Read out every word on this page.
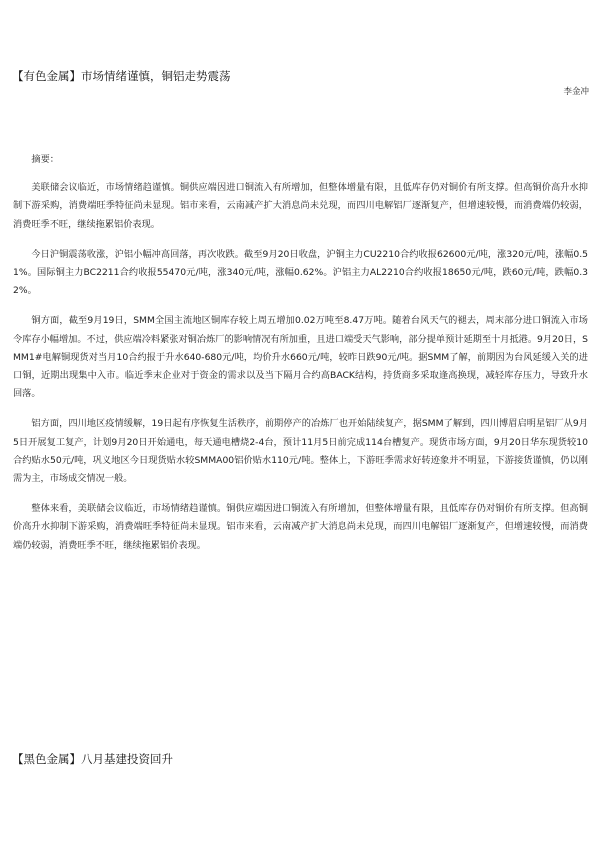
【有色金属】市场情绪谨慎，铜铝走势震荡
李金冲

摘要：

美联储会议临近，市场情绪趋谨慎。铜供应端因进口铜流入有所增加，但整体增量有限，且低库存仍对铜价有所支撑。但高铜价高升水抑制下游采购，消费端旺季特征尚未显现。铝市来看，云南减产扩大消息尚未兑现，而四川电解铝厂逐渐复产，但增速较慢，而消费端仍较弱，消费旺季不旺，继续拖累铝价表现。

今日沪铜震荡收涨，沪铝小幅冲高回落，再次收跌。截至9月20日收盘，沪铜主力CU2210合约收报62600元/吨，涨320元/吨，涨幅0.51%。国际铜主力BC2211合约收报55470元/吨，涨340元/吨，涨幅0.62%。沪铝主力AL2210合约收报18650元/吨，跌60元/吨，跌幅0.32%。

铜方面，截至9月19日，SMM全国主流地区铜库存较上周五增加0.02万吨至8.47万吨。随着台风天气的褪去，周末部分进口铜流入市场令库存小幅增加。不过，供应端冷料紧张对铜冶炼厂的影响情况有所加重，且进口端受天气影响，部分提单预计延期至十月抵港。9月20日，SMM1#电解铜现货对当月10合约报于升水640-680元/吨，均价升水660元/吨，较昨日跌90元/吨。据SMM了解，前期因为台风延缓入关的进口铜，近期出现集中入市。临近季末企业对于资金的需求以及当下隔月合约高BACK结构，持货商多采取逢高换现，减轻库存压力，导致升水回落。

铝方面，四川地区疫情缓解，19日起有序恢复生活秩序，前期停产的冶炼厂也开始陆续复产，据SMM了解到，四川博眉启明星铝厂从9月5日开展复工复产，计划9月20日开始通电，每天通电槽烧2-4台，预计11月5日前完成114台槽复产。现货市场方面，9月20日华东现货较10合约贴水50元/吨，巩义地区今日现货贴水较SMMA00铝价贴水110元/吨。整体上，下游旺季需求好转迹象并不明显，下游接货谨慎，仍以刚需为主，市场成交情况一般。

整体来看，美联储会议临近，市场情绪趋谨慎。铜供应端因进口铜流入有所增加，但整体增量有限，且低库存仍对铜价有所支撑。但高铜价高升水抑制下游采购，消费端旺季特征尚未显现。铝市来看，云南减产扩大消息尚未兑现，而四川电解铝厂逐渐复产，但增速较慢，而消费端仍较弱，消费旺季不旺，继续拖累铝价表现。

【黑色金属】八月基建投资回升
